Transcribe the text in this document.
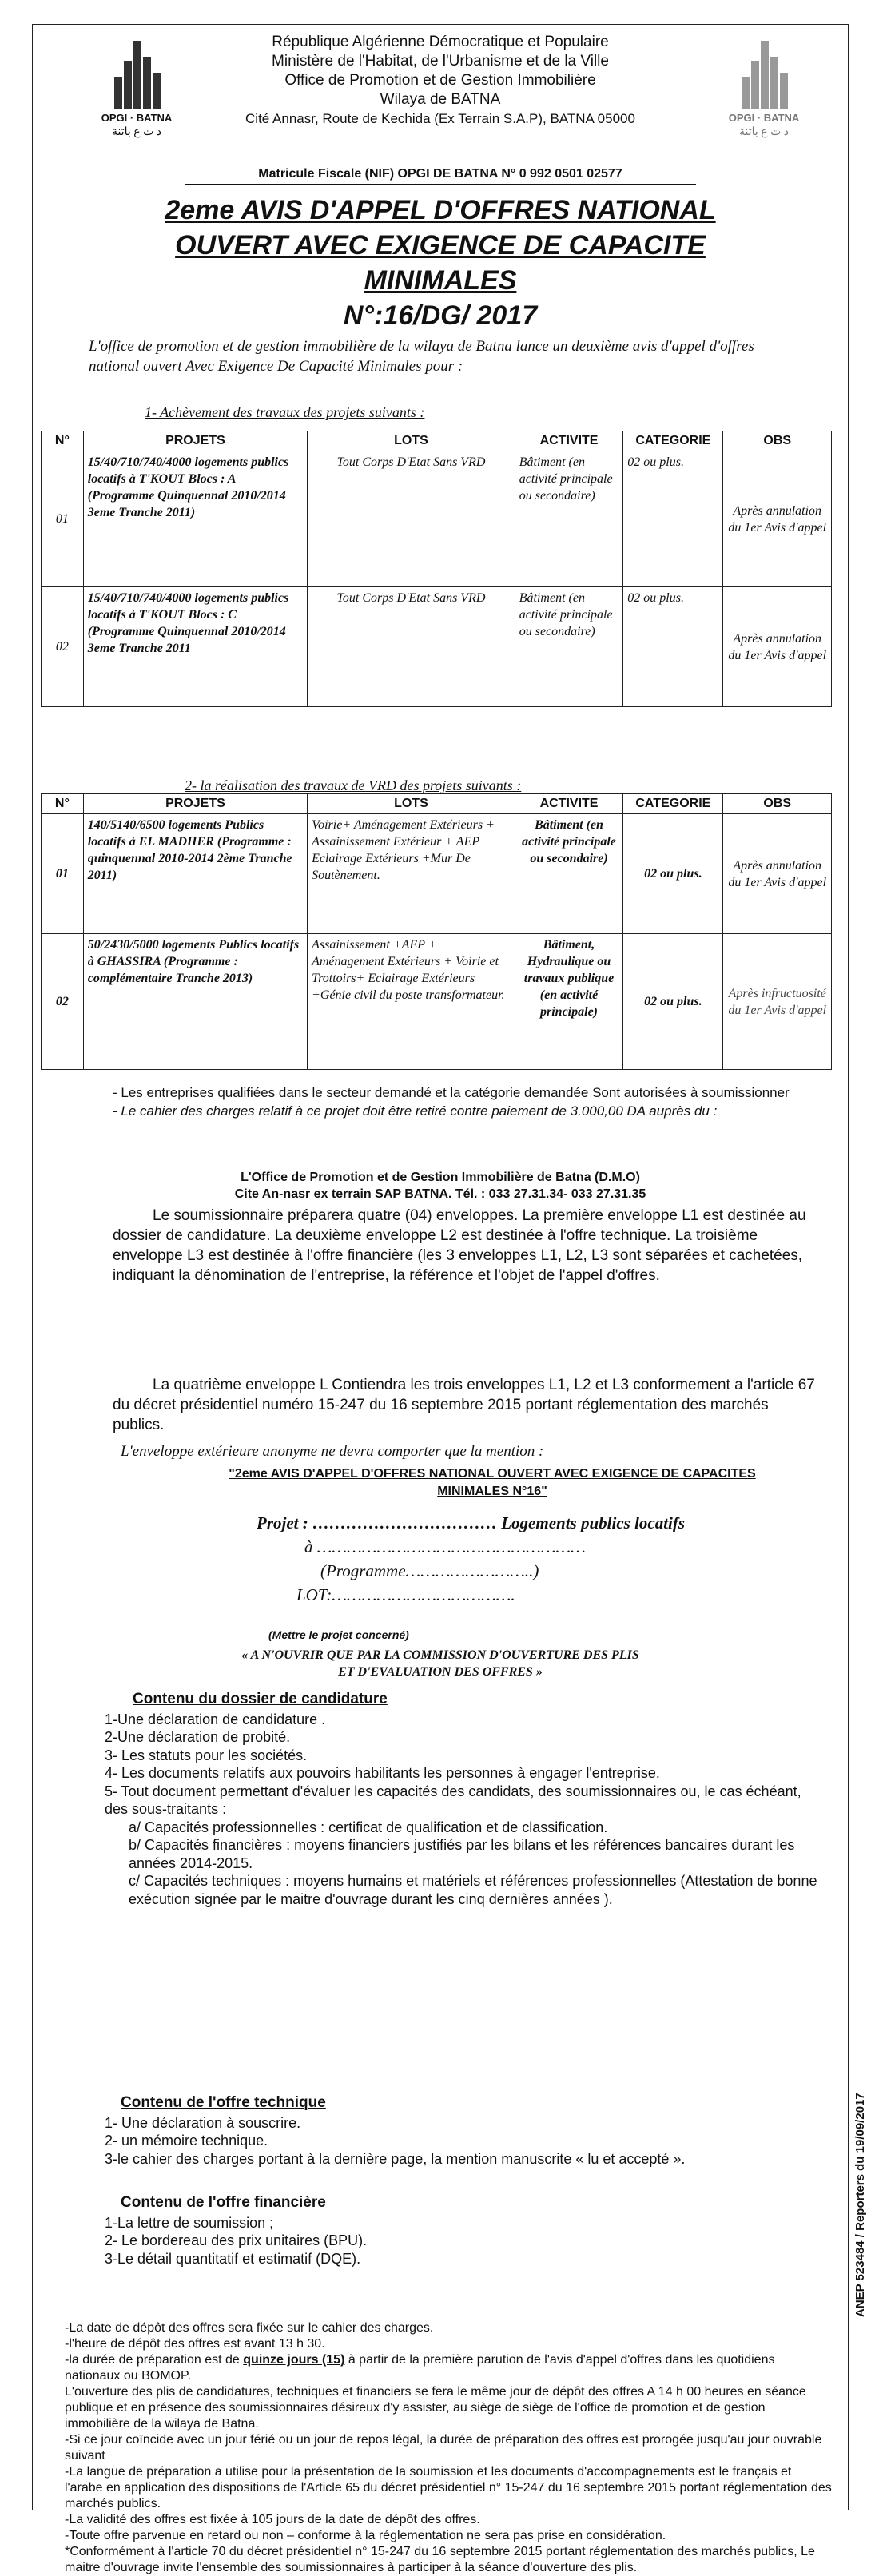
OPGI · BATNA
د ت ع باتنة
OPGI · BATNA
د ت ع باتنة
République Algérienne Démocratique et Populaire
Ministère de l'Habitat, de l'Urbanisme et de la Ville
Office de Promotion et de Gestion Immobilière
Wilaya de BATNA
Cité Annasr, Route de Kechida (Ex Terrain S.A.P), BATNA 05000
Matricule Fiscale (NIF) OPGI DE BATNA N° 0 992 0501 02577
2eme AVIS D'APPEL D'OFFRES NATIONAL
OUVERT AVEC EXIGENCE DE CAPACITE
MINIMALES
N°:16/DG/ 2017
L'office de promotion et de gestion immobilière de la wilaya de Batna lance un deuxième avis d'appel d'offres national ouvert Avec Exigence De Capacité Minimales pour :
1- Achèvement des travaux des projets suivants :
N°	PROJETS	LOTS	ACTIVITE	CATEGORIE	OBS
01	15/40/710/740/4000 logements publics locatifs à T'KOUT Blocs : A (Programme Quinquennal 2010/2014 3eme Tranche 2011)	Tout Corps D'Etat Sans VRD	Bâtiment (en activité principale ou secondaire)	02 ou plus.	Après annulation du 1er Avis d'appel
02	15/40/710/740/4000 logements publics locatifs à T'KOUT Blocs : C (Programme Quinquennal 2010/2014 3eme Tranche 2011	Tout Corps D'Etat Sans VRD	Bâtiment (en activité principale ou secondaire)	02 ou plus.	Après annulation du 1er Avis d'appel
2- la réalisation des travaux de VRD des projets suivants :
N°	PROJETS	LOTS	ACTIVITE	CATEGORIE	OBS
01	140/5140/6500 logements Publics locatifs à EL MADHER (Programme : quinquennal 2010-2014 2ème Tranche 2011)	Voirie+ Aménagement Extérieurs + Assainissement Extérieur + AEP + Eclairage Extérieurs +Mur De Soutènement.	Bâtiment (en activité principale ou secondaire)	02 ou plus.	Après annulation du 1er Avis d'appel
02	50/2430/5000 logements Publics locatifs à GHASSIRA (Programme : complémentaire Tranche 2013)	Assainissement +AEP + Aménagement Extérieurs + Voirie et Trottoirs+ Eclairage Extérieurs +Génie civil du poste transformateur.	Bâtiment, Hydraulique ou travaux publique (en activité principale)	02 ou plus.	Après infructuosité du 1er Avis d'appel
- Les entreprises qualifiées dans le secteur demandé et la catégorie demandée Sont autorisées à soumissionner
- Le cahier des charges relatif à ce projet doit être retiré contre paiement de 3.000,00 DA auprès du :
L'Office de Promotion et de Gestion Immobilière de Batna (D.M.O)
Cite An-nasr ex terrain SAP BATNA. Tél. : 033 27.31.34- 033 27.31.35
Le soumissionnaire préparera quatre (04) enveloppes. La première enveloppe L1 est destinée au dossier de candidature. La deuxième enveloppe L2 est destinée à l'offre technique. La troisième enveloppe L3 est destinée à l'offre financière (les 3 enveloppes L1, L2, L3 sont séparées et cachetées, indiquant la dénomination de l'entreprise, la référence et l'objet de l'appel d'offres.
La quatrième enveloppe L Contiendra les trois enveloppes L1, L2 et L3 conformement a l'article 67 du décret présidentiel numéro 15-247 du 16 septembre 2015 portant réglementation des marchés publics.
L'enveloppe extérieure anonyme ne devra comporter que la mention :
"2eme AVIS D'APPEL D'OFFRES NATIONAL OUVERT AVEC EXIGENCE DE CAPACITES
MINIMALES N°16"
Projet : …………………………… Logements publics locatifs
à ………………………………………………
(Programme……………………..)
LOT:……………………………….
(Mettre le projet concerné)
« A N'OUVRIR QUE PAR LA COMMISSION D'OUVERTURE DES PLIS
ET D'EVALUATION DES OFFRES »
Contenu du dossier de candidature
1-Une déclaration de candidature .
2-Une déclaration de probité.
3- Les statuts pour les sociétés.
4- Les documents relatifs aux pouvoirs habilitants les personnes à engager l'entreprise.
5- Tout document permettant d'évaluer les capacités des candidats, des soumissionnaires ou, le cas échéant, des sous-traitants :
a/ Capacités professionnelles : certificat de qualification et de classification.
b/ Capacités financières : moyens financiers justifiés par les bilans et les références bancaires durant les années 2014-2015.
c/ Capacités techniques : moyens humains et matériels et références professionnelles (Attestation de bonne exécution signée par le maitre d'ouvrage durant les cinq dernières années ).
Contenu de l'offre technique
1- Une déclaration à souscrire.
2- un mémoire technique.
3-le cahier des charges portant à la dernière page, la mention manuscrite « lu et accepté ».
Contenu de l'offre financière
1-La lettre de soumission ;
2- Le bordereau des prix unitaires (BPU).
3-Le détail quantitatif et estimatif (DQE).
-La date de dépôt des offres sera fixée sur le cahier des charges.
-l'heure de dépôt des offres est avant 13 h 30.
-la durée de préparation est de quinze jours (15) à partir de la première parution de l'avis d'appel d'offres dans les quotidiens nationaux ou BOMOP.
L'ouverture des plis de candidatures, techniques et financiers se fera le même jour de dépôt des offres A 14 h 00 heures en séance publique et en présence des soumissionnaires désireux d'y assister, au siège de siège de l'office de promotion et de gestion immobilière de la wilaya de Batna.
-Si ce jour coïncide avec un jour férié ou un jour de repos légal, la durée de préparation des offres est prorogée jusqu'au jour ouvrable suivant
-La langue de préparation a utilise pour la présentation de la soumission et les documents d'accompagnements est le français et l'arabe en application des dispositions de l'Article 65 du décret présidentiel n° 15-247 du 16 septembre 2015 portant réglementation des marchés publics.
-La validité des offres est fixée à 105 jours de la date de dépôt des offres.
-Toute offre parvenue en retard ou non – conforme à la réglementation ne sera pas prise en considération.
*Conformément à l'article 70 du décret présidentiel n° 15-247 du 16 septembre 2015 portant réglementation des marchés publics, Le maitre d'ouvrage invite l'ensemble des soumissionnaires à participer à la séance d'ouverture des plis.
ANEP 523484 / Reporters du 19/09/2017
